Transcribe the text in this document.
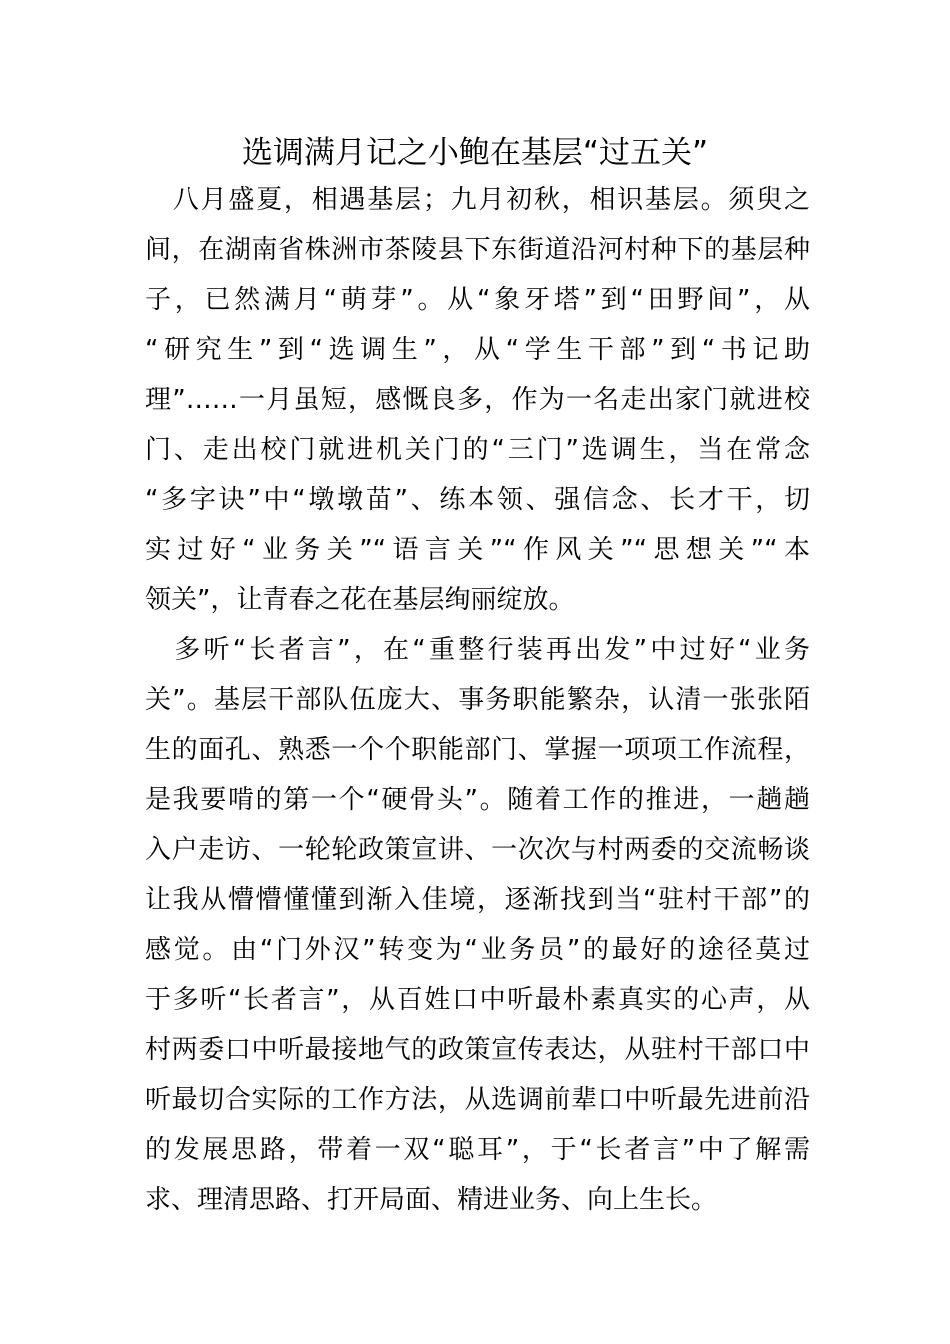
选调满月记之小鲍在基层“过五关”
　八月盛夏，相遇基层；九月初秋，相识基层。须臾之
间，在湖南省株洲市茶陵县下东街道沿河村种下的基层种
子，已然满月“萌芽”。从“象牙塔”到“田野间”，从
“研究生”到“选调生”，从“学生干部”到“书记助
理”……一月虽短，感慨良多，作为一名走出家门就进校
门、走出校门就进机关门的“三门”选调生，当在常念
“多字诀”中“墩墩苗”、练本领、强信念、长才干，切
实过好“业务关”“语言关”“作风关”“思想关”“本
领关”，让青春之花在基层绚丽绽放。
　多听“长者言”，在“重整行装再出发”中过好“业务
关”。基层干部队伍庞大、事务职能繁杂，认清一张张陌
生的面孔、熟悉一个个职能部门、掌握一项项工作流程，
是我要啃的第一个“硬骨头”。随着工作的推进，一趟趟
入户走访、一轮轮政策宣讲、一次次与村两委的交流畅谈
让我从懵懵懂懂到渐入佳境，逐渐找到当“驻村干部”的
感觉。由“门外汉”转变为“业务员”的最好的途径莫过
于多听“长者言”，从百姓口中听最朴素真实的心声，从
村两委口中听最接地气的政策宣传表达，从驻村干部口中
听最切合实际的工作方法，从选调前辈口中听最先进前沿
的发展思路，带着一双“聪耳”，于“长者言”中了解需
求、理清思路、打开局面、精进业务、向上生长。
